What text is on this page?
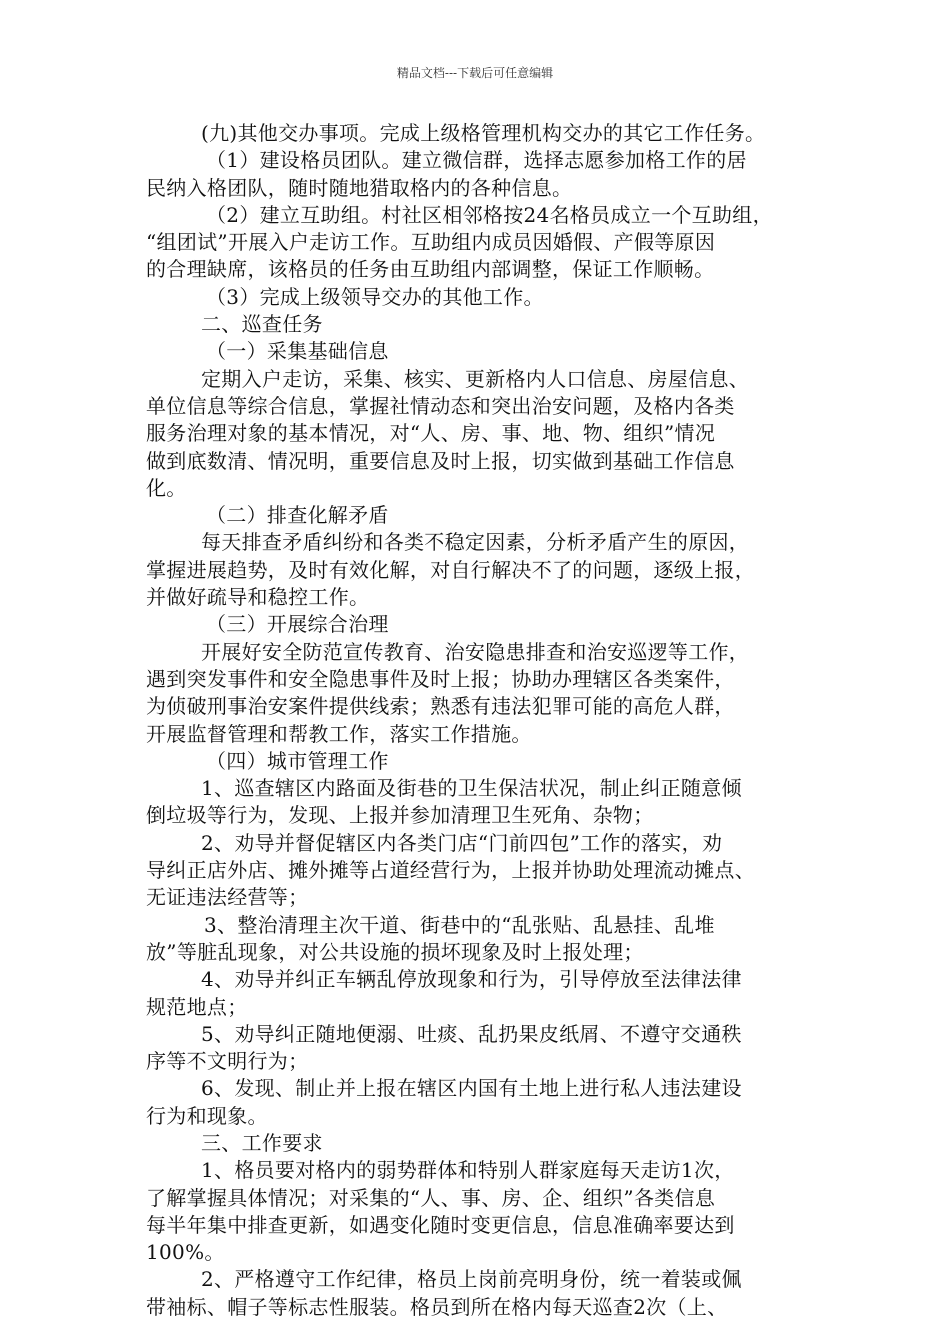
精品文档---下载后可任意编辑
(九)其他交办事项。完成上级格管理机构交办的其它工作任务。
（1）建设格员团队。建立微信群，选择志愿参加格工作的居
民纳入格团队，随时随地猎取格内的各种信息。
（2）建立互助组。村社区相邻格按24名格员成立一个互助组，
“组团试”开展入户走访工作。互助组内成员因婚假、产假等原因
的合理缺席，该格员的任务由互助组内部调整，保证工作顺畅。
（3）完成上级领导交办的其他工作。
二、巡查任务
（一）采集基础信息
定期入户走访，采集、核实、更新格内人口信息、房屋信息、
单位信息等综合信息，掌握社情动态和突出治安问题，及格内各类
服务治理对象的基本情况，对“人、房、事、地、物、组织”情况
做到底数清、情况明，重要信息及时上报，切实做到基础工作信息
化。
（二）排查化解矛盾
每天排查矛盾纠纷和各类不稳定因素，分析矛盾产生的原因，
掌握进展趋势，及时有效化解，对自行解决不了的问题，逐级上报，
并做好疏导和稳控工作。
（三）开展综合治理
开展好安全防范宣传教育、治安隐患排查和治安巡逻等工作，
遇到突发事件和安全隐患事件及时上报；协助办理辖区各类案件，
为侦破刑事治安案件提供线索；熟悉有违法犯罪可能的高危人群，
开展监督管理和帮教工作，落实工作措施。
（四）城市管理工作
1、巡查辖区内路面及街巷的卫生保洁状况，制止纠正随意倾
倒垃圾等行为，发现、上报并参加清理卫生死角、杂物；
2、劝导并督促辖区内各类门店“门前四包”工作的落实，劝
导纠正店外店、摊外摊等占道经营行为，上报并协助处理流动摊点、
无证违法经营等；
3、整治清理主次干道、街巷中的“乱张贴、乱悬挂、乱堆
放”等脏乱现象，对公共设施的损坏现象及时上报处理；
4、劝导并纠正车辆乱停放现象和行为，引导停放至法律法律
规范地点；
5、劝导纠正随地便溺、吐痰、乱扔果皮纸屑、不遵守交通秩
序等不文明行为；
6、发现、制止并上报在辖区内国有土地上进行私人违法建设
行为和现象。
三、工作要求
1、格员要对格内的弱势群体和特别人群家庭每天走访1次，
了解掌握具体情况；对采集的“人、事、房、企、组织”各类信息
每半年集中排查更新，如遇变化随时变更信息，信息准确率要达到
100%。
2、严格遵守工作纪律，格员上岗前亮明身份，统一着装或佩
带袖标、帽子等标志性服装。格员到所在格内每天巡查2次（上、
